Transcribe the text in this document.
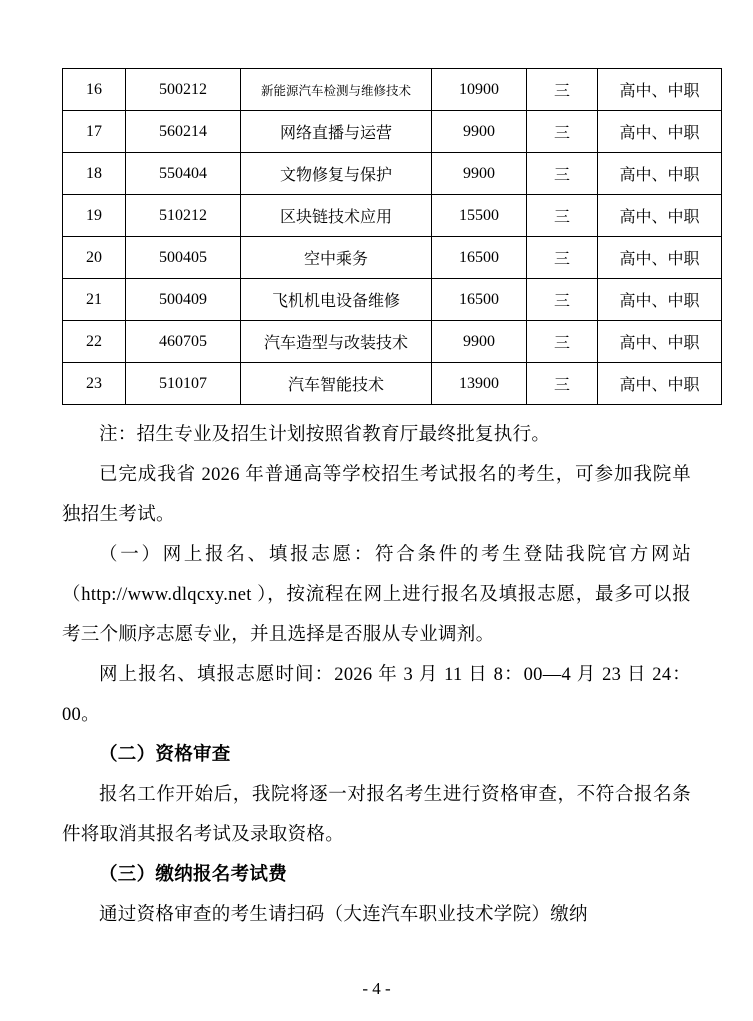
16	500212	新能源汽车检测与维修技术	10900	三	高中、中职
17	560214	网络直播与运营	9900	三	高中、中职
18	550404	文物修复与保护	9900	三	高中、中职
19	510212	区块链技术应用	15500	三	高中、中职
20	500405	空中乘务	16500	三	高中、中职
21	500409	飞机机电设备维修	16500	三	高中、中职
22	460705	汽车造型与改装技术	9900	三	高中、中职
23	510107	汽车智能技术	13900	三	高中、中职

注：招生专业及招生计划按照省教育厅最终批复执行。

已完成我省 2026 年普通高等学校招生考试报名的考生，可参加我院单独招生考试。

（一）网上报名、填报志愿：符合条件的考生登陆我院官方网站（http://www.dlqcxy.net ），按流程在网上进行报名及填报志愿，最多可以报考三个顺序志愿专业，并且选择是否服从专业调剂。

网上报名、填报志愿时间：2026 年 3 月 11 日 8：00—4 月 23 日 24：00。

（二）资格审查

报名工作开始后，我院将逐一对报名考生进行资格审查，不符合报名条件将取消其报名考试及录取资格。

（三）缴纳报名考试费

通过资格审查的考生请扫码（大连汽车职业技术学院）缴纳

- 4 -
